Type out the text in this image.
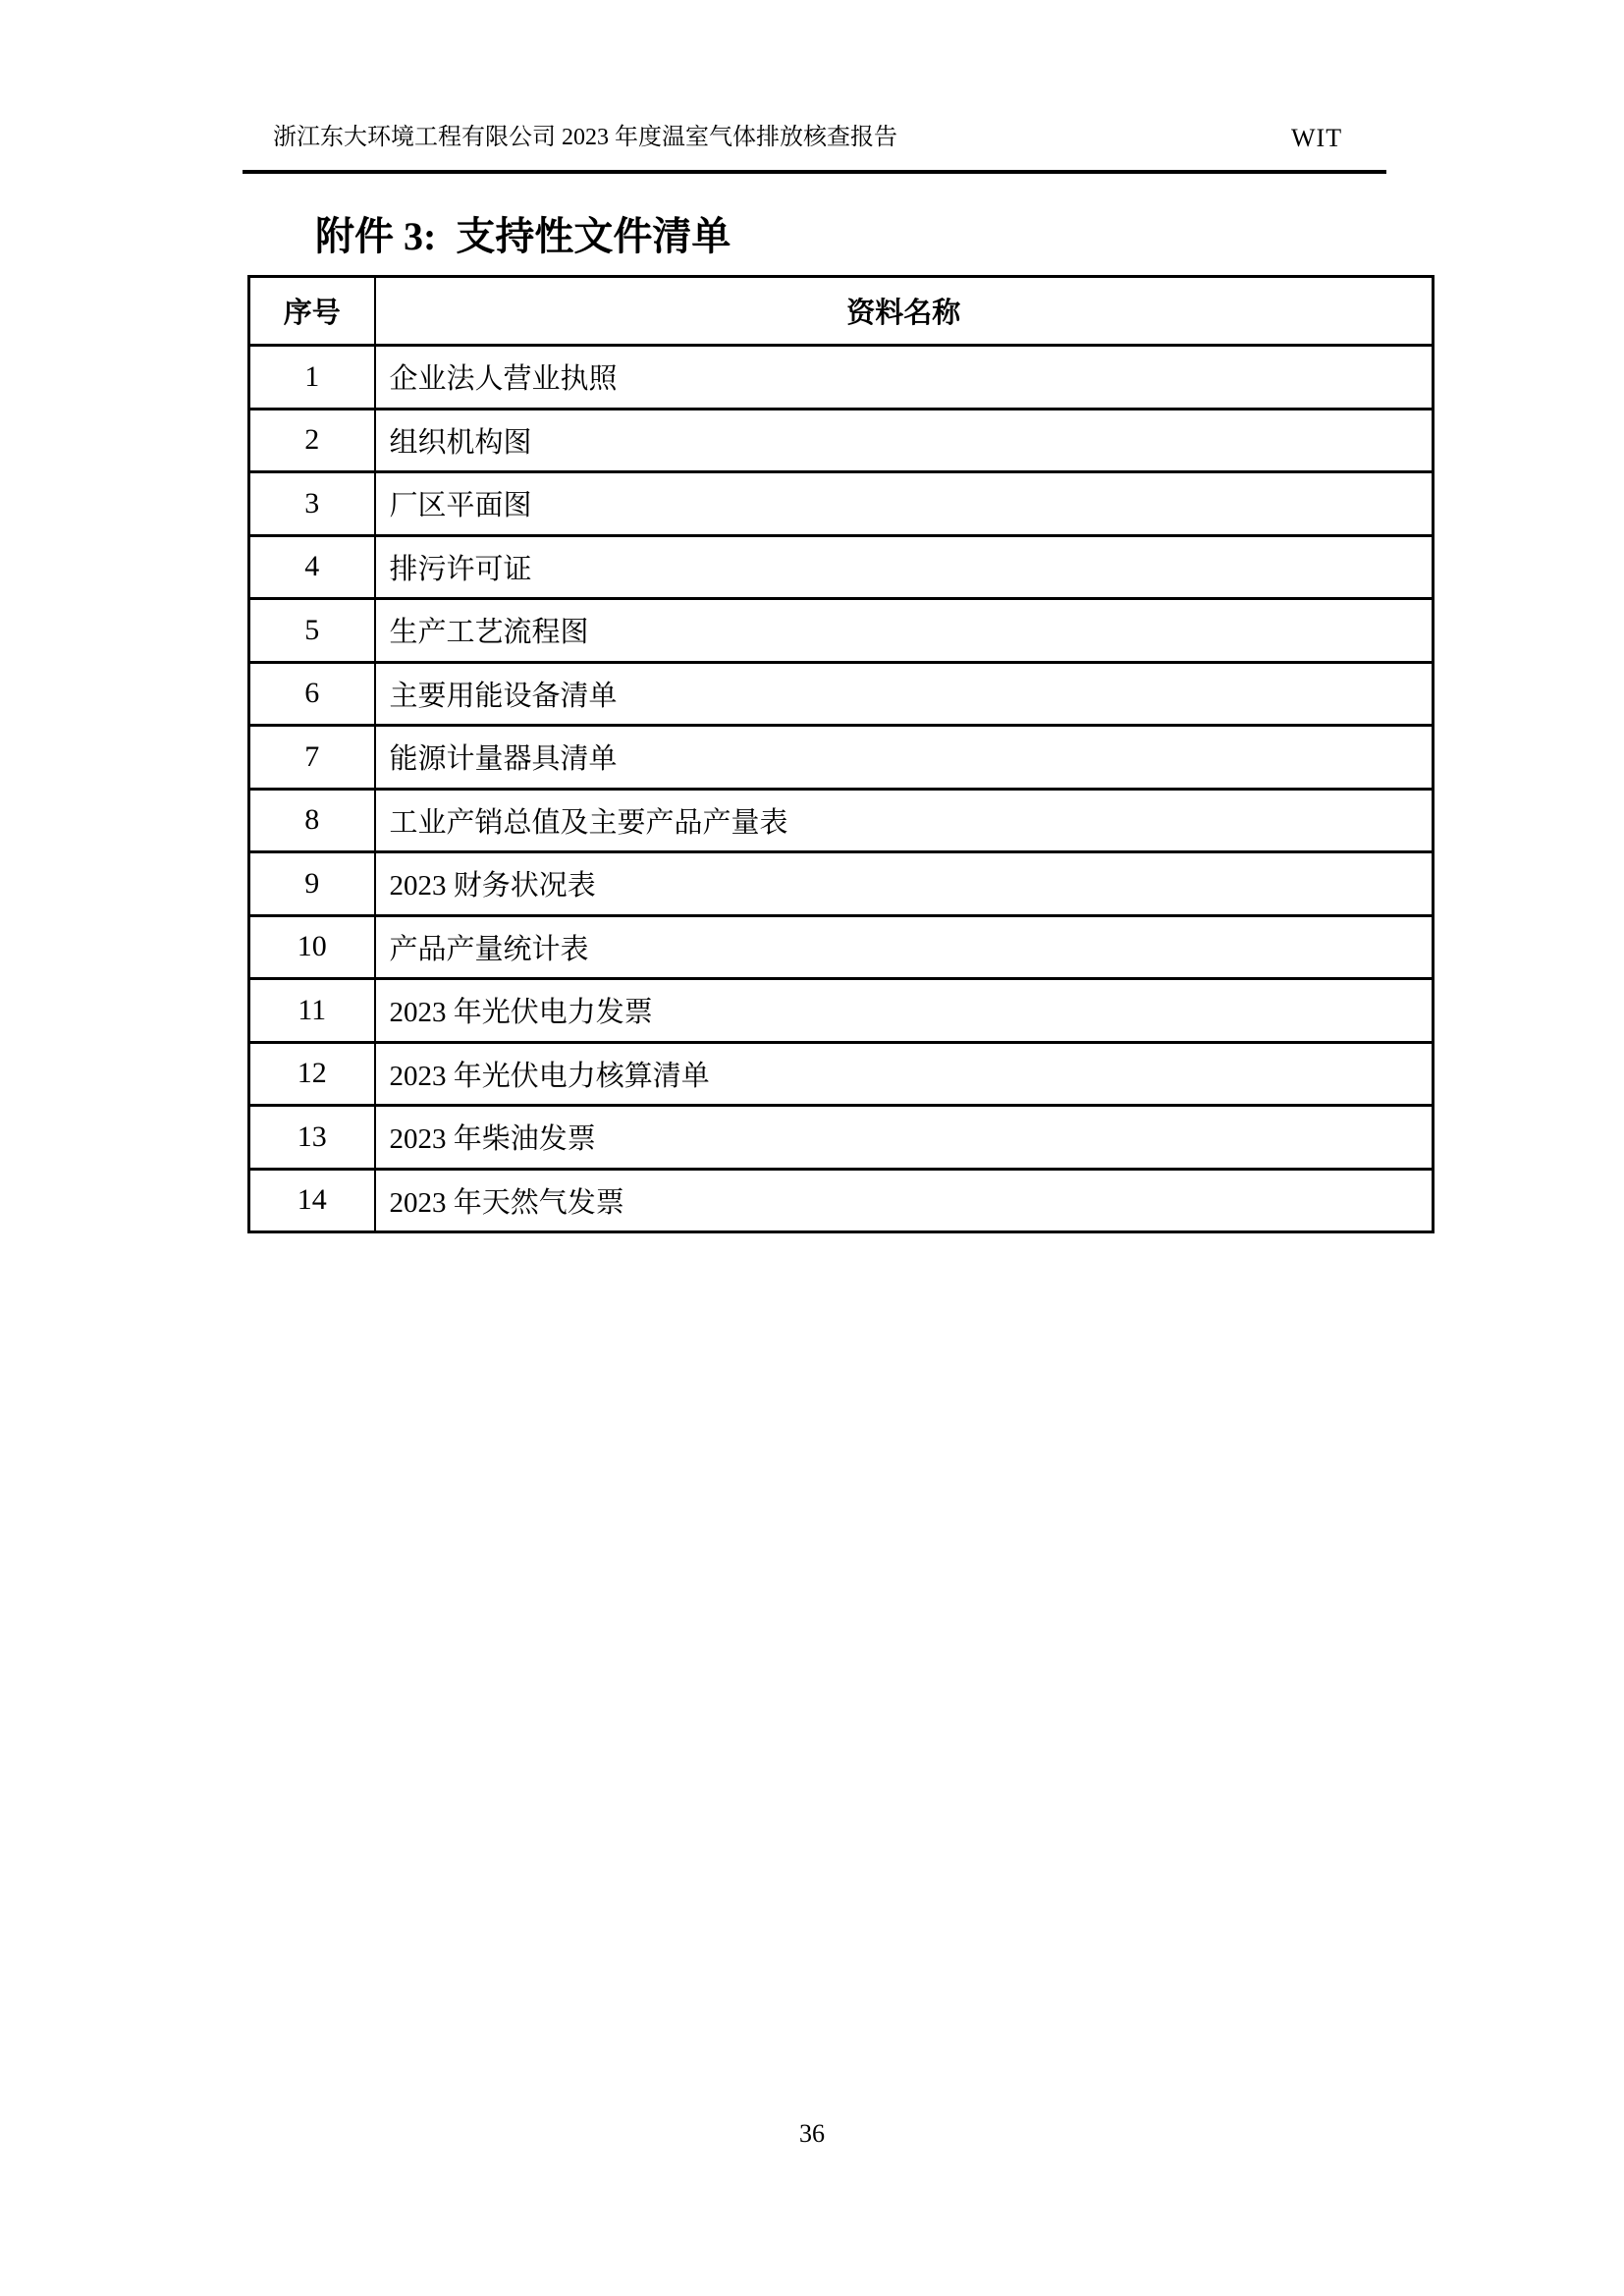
浙江东大环境工程有限公司 2023 年度温室气体排放核查报告	WIT
附件 3:  支持性文件清单
序号	资料名称
1	企业法人营业执照
2	组织机构图
3	厂区平面图
4	排污许可证
5	生产工艺流程图
6	主要用能设备清单
7	能源计量器具清单
8	工业产销总值及主要产品产量表
9	2023 财务状况表
10	产品产量统计表
11	2023 年光伏电力发票
12	2023 年光伏电力核算清单
13	2023 年柴油发票
14	2023 年天然气发票
36
